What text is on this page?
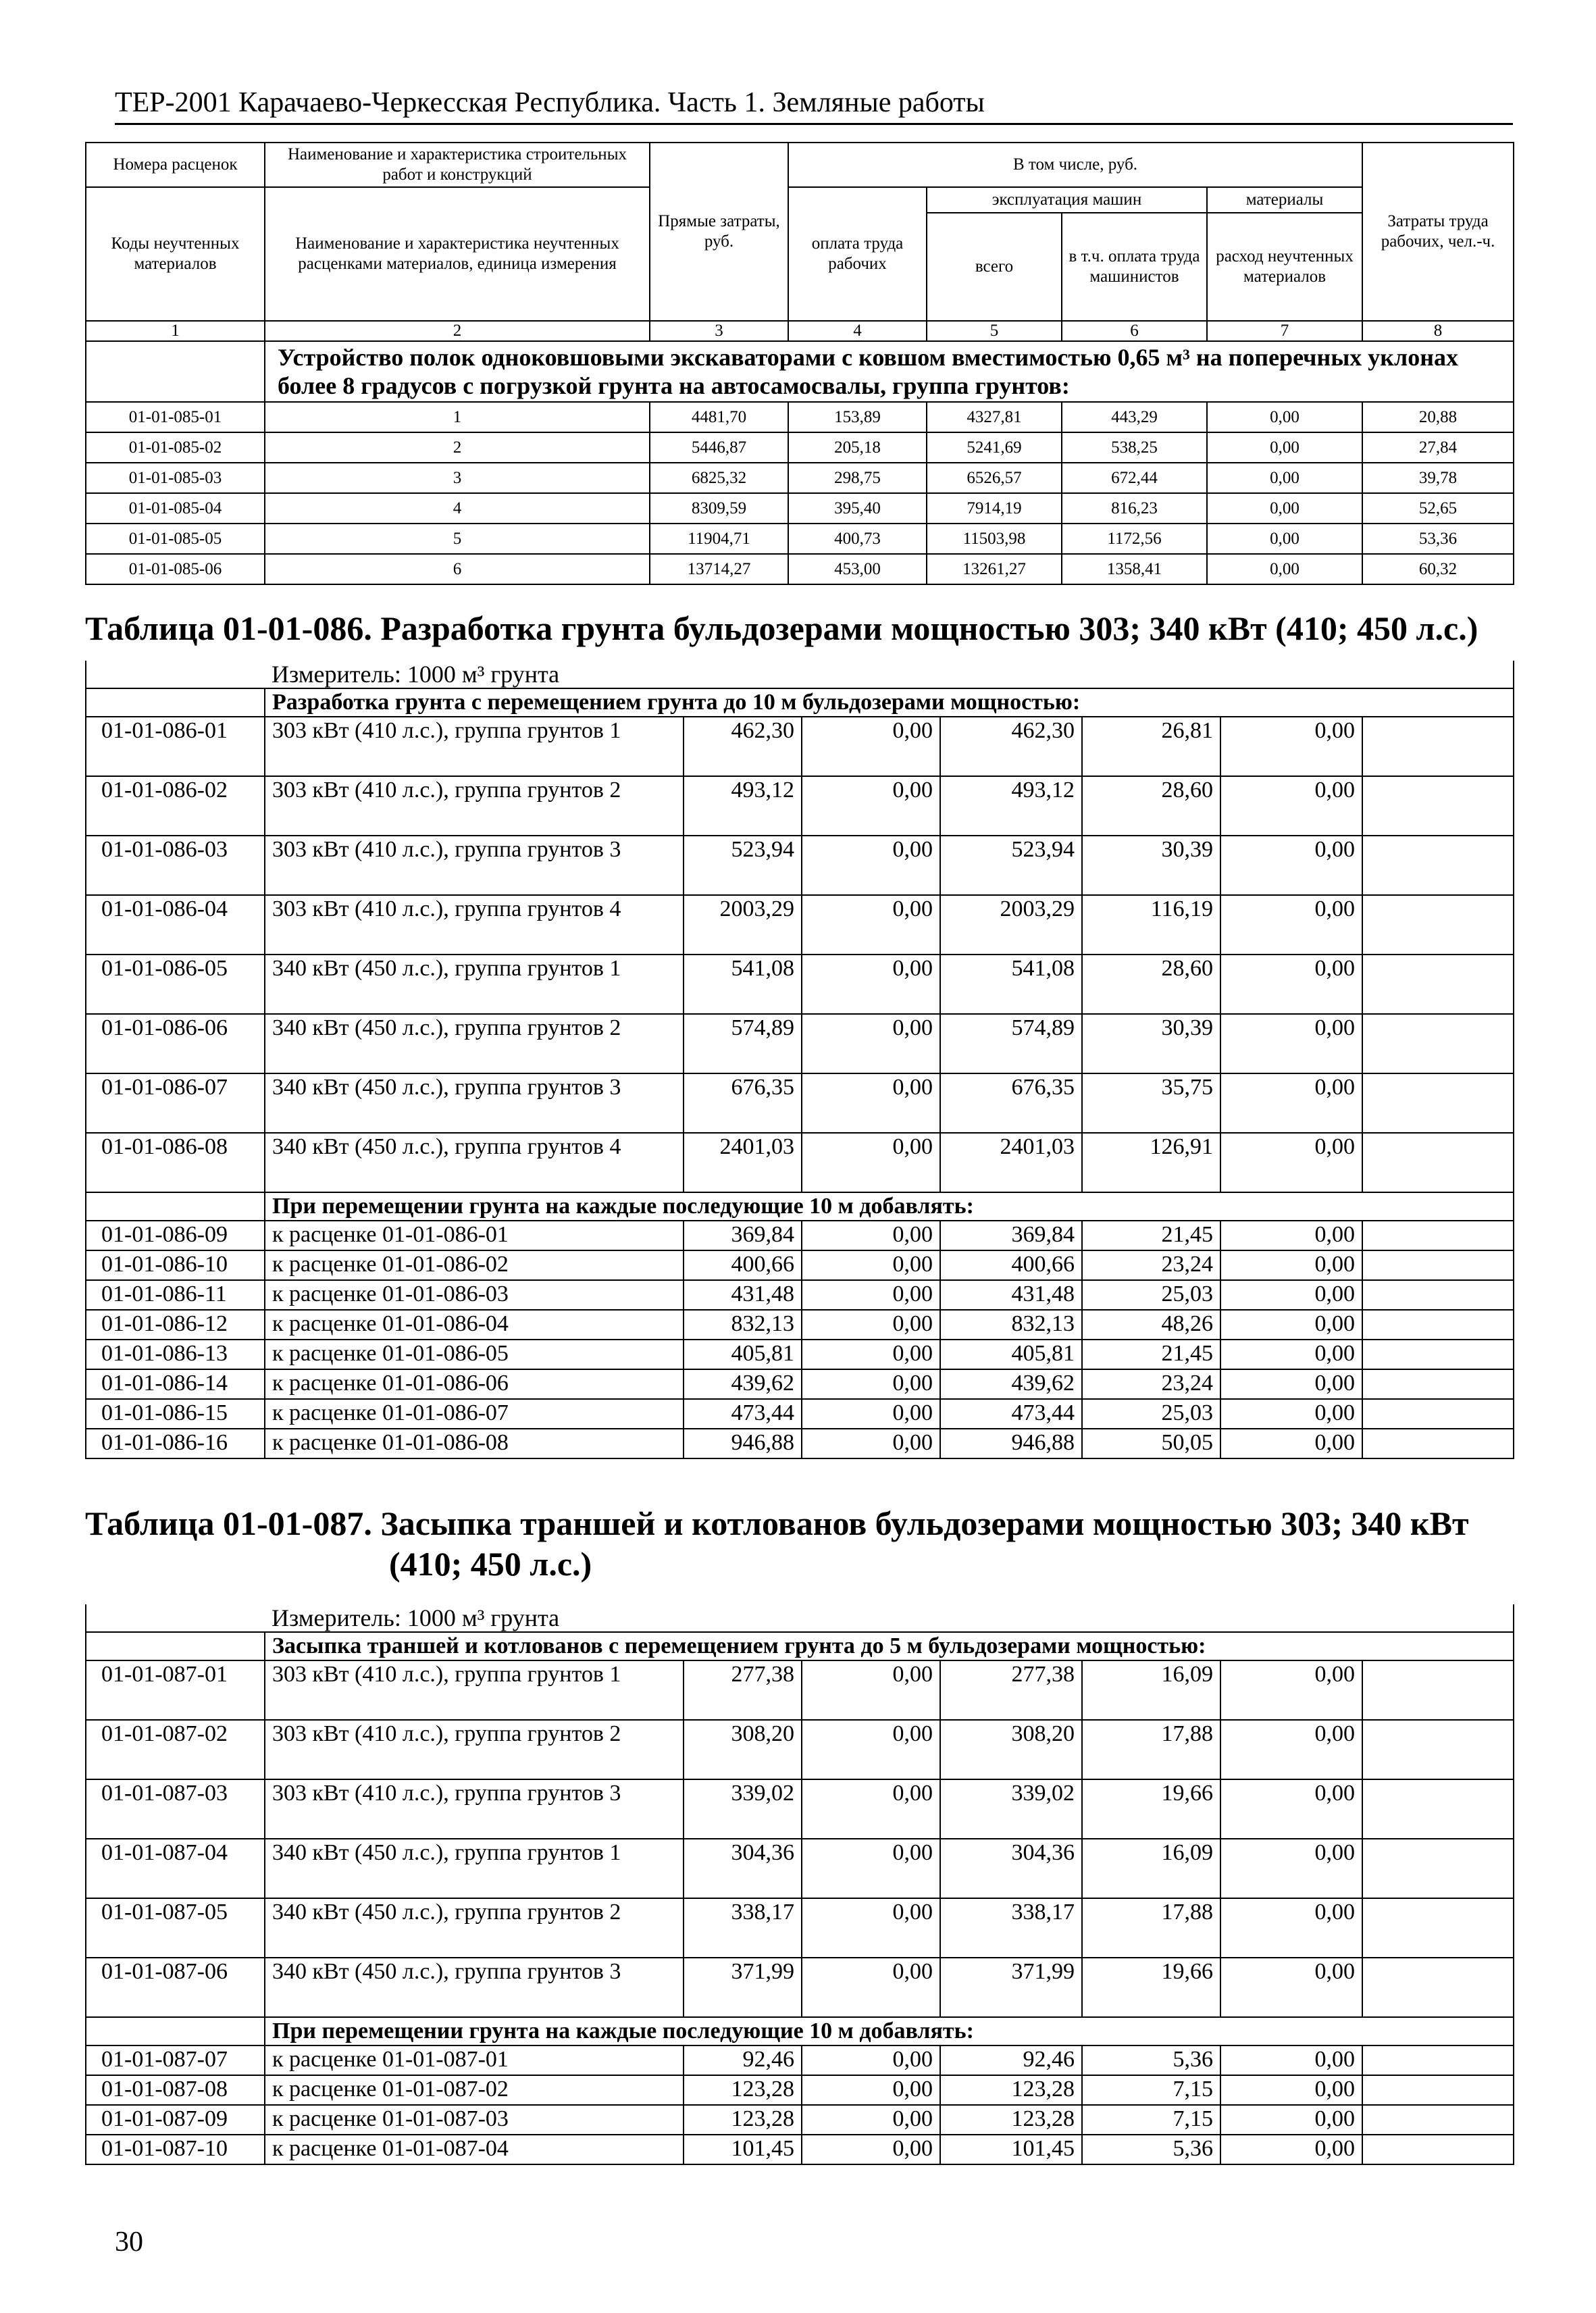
ТЕР-2001 Карачаево-Черкесская Республика. Часть 1. Земляные работы
Номера расценок	Наименование и характеристика строительных работ и конструкций	Прямые затраты, руб.	В том числе, руб.				Затраты труда рабочих, чел.-ч.
Коды неучтенных материалов	Наименование и характеристика неучтенных расценками материалов, единица измерения		оплата труда рабочих	эксплуатация машин		материалы	
				всего	в т.ч. оплата труда машинистов	расход неучтенных материалов	
1	2	3	4	5	6	7	8
	Устройство полок одноковшовыми экскаваторами с ковшом вместимостью 0,65 м³ на поперечных уклонах более 8 градусов с погрузкой грунта на автосамосвалы, группа грунтов:						
01-01-085-01	1	4481,70	153,89	4327,81	443,29	0,00	20,88
01-01-085-02	2	5446,87	205,18	5241,69	538,25	0,00	27,84
01-01-085-03	3	6825,32	298,75	6526,57	672,44	0,00	39,78
01-01-085-04	4	8309,59	395,40	7914,19	816,23	0,00	52,65
01-01-085-05	5	11904,71	400,73	11503,98	1172,56	0,00	53,36
01-01-085-06	6	13714,27	453,00	13261,27	1358,41	0,00	60,32
Таблица 01-01-086. Разработка грунта бульдозерами мощностью 303; 340 кВт (410; 450 л.с.)
	Измеритель: 1000 м³ грунта						
	Разработка грунта с перемещением грунта до 10 м бульдозерами мощностью:						
01-01-086-01	303 кВт (410 л.с.), группа грунтов 1	462,30	0,00	462,30	26,81	0,00	
01-01-086-02	303 кВт (410 л.с.), группа грунтов 2	493,12	0,00	493,12	28,60	0,00	
01-01-086-03	303 кВт (410 л.с.), группа грунтов 3	523,94	0,00	523,94	30,39	0,00	
01-01-086-04	303 кВт (410 л.с.), группа грунтов 4	2003,29	0,00	2003,29	116,19	0,00	
01-01-086-05	340 кВт (450 л.с.), группа грунтов 1	541,08	0,00	541,08	28,60	0,00	
01-01-086-06	340 кВт (450 л.с.), группа грунтов 2	574,89	0,00	574,89	30,39	0,00	
01-01-086-07	340 кВт (450 л.с.), группа грунтов 3	676,35	0,00	676,35	35,75	0,00	
01-01-086-08	340 кВт (450 л.с.), группа грунтов 4	2401,03	0,00	2401,03	126,91	0,00	
	При перемещении грунта на каждые последующие 10 м добавлять:						
01-01-086-09	к расценке 01-01-086-01	369,84	0,00	369,84	21,45	0,00	
01-01-086-10	к расценке 01-01-086-02	400,66	0,00	400,66	23,24	0,00	
01-01-086-11	к расценке 01-01-086-03	431,48	0,00	431,48	25,03	0,00	
01-01-086-12	к расценке 01-01-086-04	832,13	0,00	832,13	48,26	0,00	
01-01-086-13	к расценке 01-01-086-05	405,81	0,00	405,81	21,45	0,00	
01-01-086-14	к расценке 01-01-086-06	439,62	0,00	439,62	23,24	0,00	
01-01-086-15	к расценке 01-01-086-07	473,44	0,00	473,44	25,03	0,00	
01-01-086-16	к расценке 01-01-086-08	946,88	0,00	946,88	50,05	0,00	
Таблица 01-01-087. Засыпка траншей и котлованов бульдозерами мощностью 303; 340 кВт
(410; 450 л.с.)
	Измеритель: 1000 м³ грунта						
	Засыпка траншей и котлованов с перемещением грунта до 5 м бульдозерами мощностью:						
01-01-087-01	303 кВт (410 л.с.), группа грунтов 1	277,38	0,00	277,38	16,09	0,00	
01-01-087-02	303 кВт (410 л.с.), группа грунтов 2	308,20	0,00	308,20	17,88	0,00	
01-01-087-03	303 кВт (410 л.с.), группа грунтов 3	339,02	0,00	339,02	19,66	0,00	
01-01-087-04	340 кВт (450 л.с.), группа грунтов 1	304,36	0,00	304,36	16,09	0,00	
01-01-087-05	340 кВт (450 л.с.), группа грунтов 2	338,17	0,00	338,17	17,88	0,00	
01-01-087-06	340 кВт (450 л.с.), группа грунтов 3	371,99	0,00	371,99	19,66	0,00	
	При перемещении грунта на каждые последующие 10 м добавлять:						
01-01-087-07	к расценке 01-01-087-01	92,46	0,00	92,46	5,36	0,00	
01-01-087-08	к расценке 01-01-087-02	123,28	0,00	123,28	7,15	0,00	
01-01-087-09	к расценке 01-01-087-03	123,28	0,00	123,28	7,15	0,00	
01-01-087-10	к расценке 01-01-087-04	101,45	0,00	101,45	5,36	0,00	
30
